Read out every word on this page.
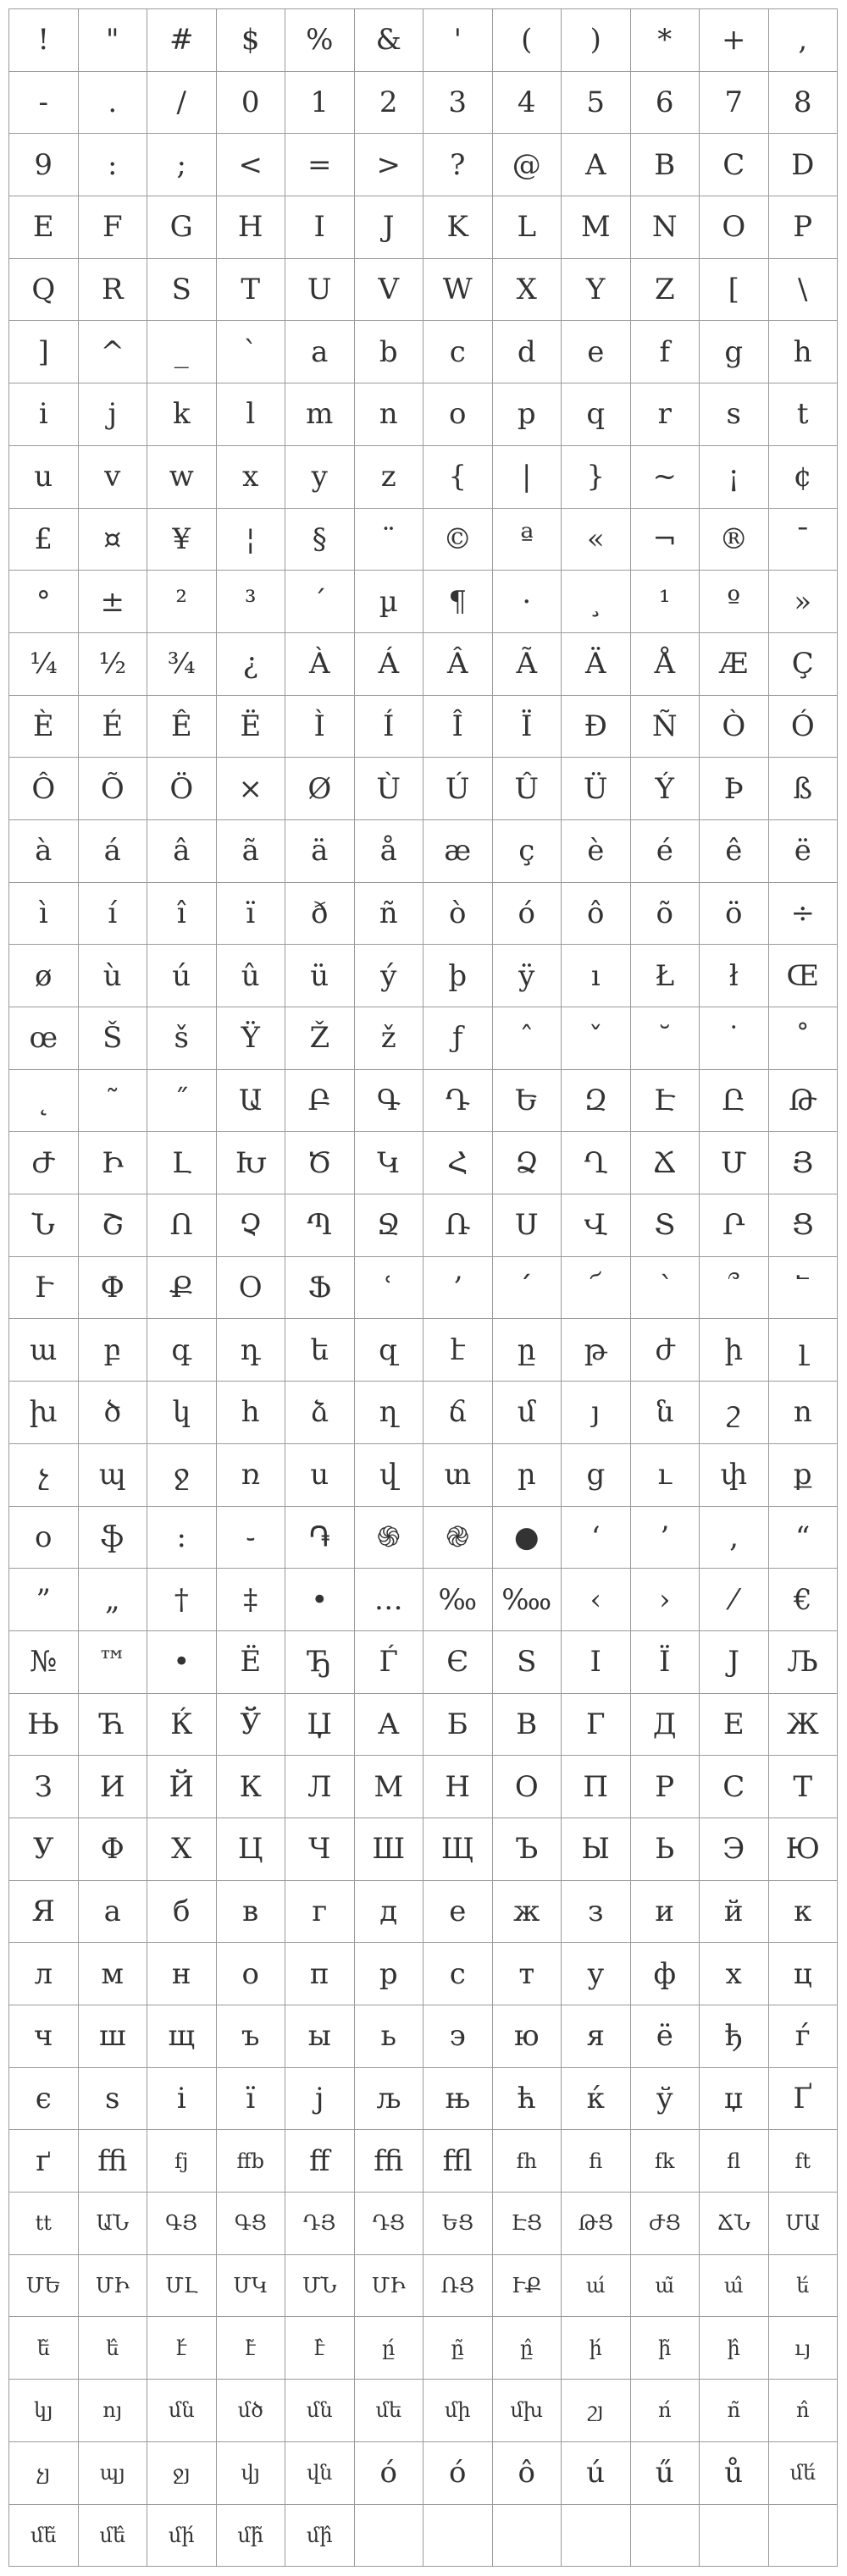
!	"	#	$	%	&	'	(	)	*	+	,
-	.	/	0	1	2	3	4	5	6	7	8
9	:	;	<	=	>	?	@	A	B	C	D
E	F	G	H	I	J	K	L	M	N	O	P
Q	R	S	T	U	V	W	X	Y	Z	[	\
]	^	_	`	a	b	c	d	e	f	g	h
i	j	k	l	m	n	o	p	q	r	s	t
u	v	w	x	y	z	{	|	}	~	¡	¢
£	¤	¥	¦	§	¨	©	ª	«	¬	®	¯
°	±	²	³	´	µ	¶	·	¸	¹	º	»
¼	½	¾	¿	À	Á	Â	Ã	Ä	Å	Æ	Ç
È	É	Ê	Ë	Ì	Í	Î	Ï	Ð	Ñ	Ò	Ó
Ô	Õ	Ö	×	Ø	Ù	Ú	Û	Ü	Ý	Þ	ß
à	á	â	ã	ä	å	æ	ç	è	é	ê	ë
ì	í	î	ï	ð	ñ	ò	ó	ô	õ	ö	÷
ø	ù	ú	û	ü	ý	þ	ÿ	ı	Ł	ł	Œ
œ	Š	š	Ÿ	Ž	ž	ƒ	ˆ	ˇ	˘	˙	˚
˛	˜	˝	Ա	Բ	Գ	Դ	Ե	Զ	Է	Ը	Թ
Ժ	Ի	Լ	Խ	Ծ	Կ	Հ	Ձ	Ղ	Ճ	Մ	Յ
Ն	Շ	Ո	Չ	Պ	Ջ	Ռ	Ս	Վ	Տ	Ր	Ց
Ւ	Փ	Ք	Օ	Ֆ	ՙ	՚	՛	՜	՝	՞	՟
ա	բ	գ	դ	ե	զ	է	ը	թ	ժ	ի	լ
խ	ծ	կ	հ	ձ	ղ	ճ	մ	յ	ն	շ	ո
չ	պ	ջ	ռ	ս	վ	տ	ր	ց	ւ	փ	ք
օ	ֆ	։	֊	֏	֍	֎	●	‘	’	‚	“
”	„	†	‡	•	…	‰ ‱	‹	›	⁄	€
№	™	•	Ё	Ђ	Ѓ	Є	Ѕ	І	Ї	Ј	Љ
Њ	Ћ	Ќ	Ў	Џ	А	Б	В	Г	Д	Е	Ж
З	И	Й	К	Л	М	Н	О	П	Р	С	Т
У	Ф	Х	Ц	Ч	Ш	Щ	Ъ	Ы	Ь	Э	Ю
Я	а	б	в	г	д	е	ж	з	и	й	к
л	м	н	о	п	р	с	т	у	ф	х	ц
ч	ш	щ	ъ	ы	ь	э	ю	я	ё	ђ	ѓ
є	ѕ	і	ї	ј	љ	њ	ћ	ќ	ў	џ	Ґ
ґ	ﬃ	fj	ﬀb	ﬀ	ﬃ	ﬄ	fh	fi	fk	fl	ft
tt	ԱՆ	ԳՅ	ԳՑ	ԴՅ	ԴՑ	ԵՑ	ԷՑ	ԹՑ	ԺՑ	ՃՆ	ՄԱ
ՄԵ	ՄԻ	ՄԼ	ՄԿ	ՄՆ	ՄԻ	ՌՑ	ՒՔ	ա́	ա̃	ա̂	ե́
ե̃	ե̂	է́	է̃	է̂	ը́	ը̃	ը̂	ի́	ի̃	ի̂	ւյ
կյ	ոյ	մն	մծ	մն	մե	մի	մխ	շյ	ո́	ո̃	ո̂
չյ	պյ	ջյ	վյ	վն	ó	ó	ô	ú	ű	ů	մե́
մե̃	մե̂	մի́	մի̃	մի̂
